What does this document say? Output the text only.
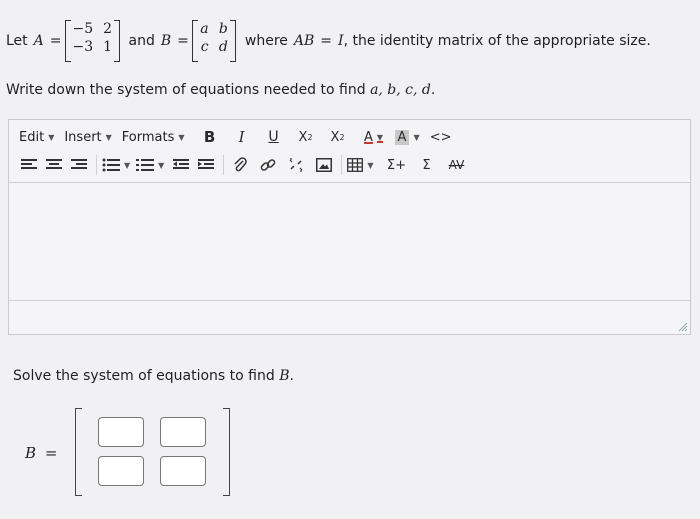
Let A =
−5 2
−3 1 and B =
a b
c d where AB = I , the identity matrix of the appropriate size.
Write down the system of equations needed to find a, b, c, d.
Edit ▼ Insert ▼ Formats ▼	B	I	U	X 2 X 2 A ▼ A ▼ <>
▼	▼	▼ Σ+	Σ	AV
Solve the system of equations to find B.
B =
